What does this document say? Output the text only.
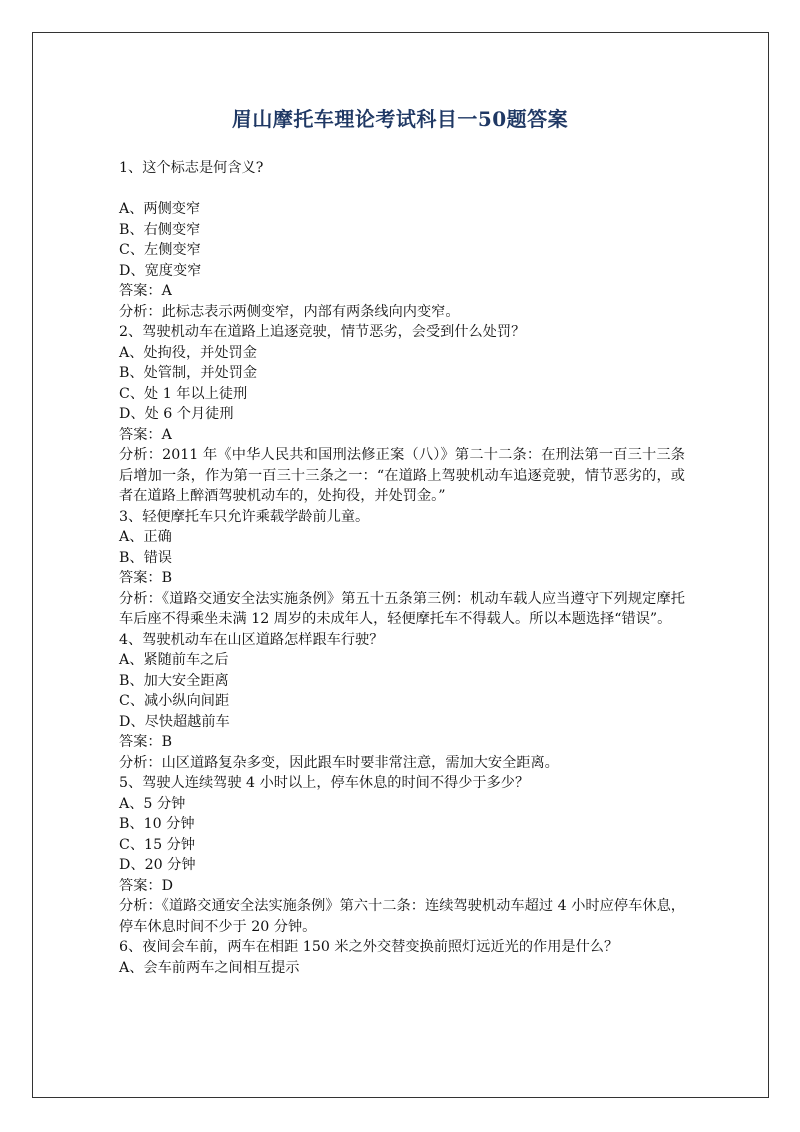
眉山摩托车理论考试科目一50题答案
1、这个标志是何含义?
A、两侧变窄
B、右侧变窄
C、左侧变窄
D、宽度变窄
答案：A
分析：此标志表示两侧变窄，内部有两条线向内变窄。
2、驾驶机动车在道路上追逐竞驶，情节恶劣，会受到什么处罚？
A、处拘役，并处罚金
B、处管制，并处罚金
C、处 1 年以上徒刑
D、处 6 个月徒刑
答案：A
分析：2011 年《中华人民共和国刑法修正案（八）》第二十二条：在刑法第一百三十三条后增加一条，作为第一百三十三条之一：“在道路上驾驶机动车追逐竞驶，情节恶劣的，或者在道路上醉酒驾驶机动车的，处拘役，并处罚金。”
3、轻便摩托车只允许乘载学龄前儿童。
A、正确
B、错误
答案：B
分析：《道路交通安全法实施条例》第五十五条第三例：机动车载人应当遵守下列规定摩托车后座不得乘坐未满 12 周岁的未成年人，轻便摩托车不得载人。所以本题选择“错误”。
4、驾驶机动车在山区道路怎样跟车行驶？
A、紧随前车之后
B、加大安全距离
C、减小纵向间距
D、尽快超越前车
答案：B
分析：山区道路复杂多变，因此跟车时要非常注意，需加大安全距离。
5、驾驶人连续驾驶 4 小时以上，停车休息的时间不得少于多少？
A、5 分钟
B、10 分钟
C、15 分钟
D、20 分钟
答案：D
分析：《道路交通安全法实施条例》第六十二条：连续驾驶机动车超过 4 小时应停车休息，停车休息时间不少于 20 分钟。
6、夜间会车前，两车在相距 150 米之外交替变换前照灯远近光的作用是什么？
A、会车前两车之间相互提示
